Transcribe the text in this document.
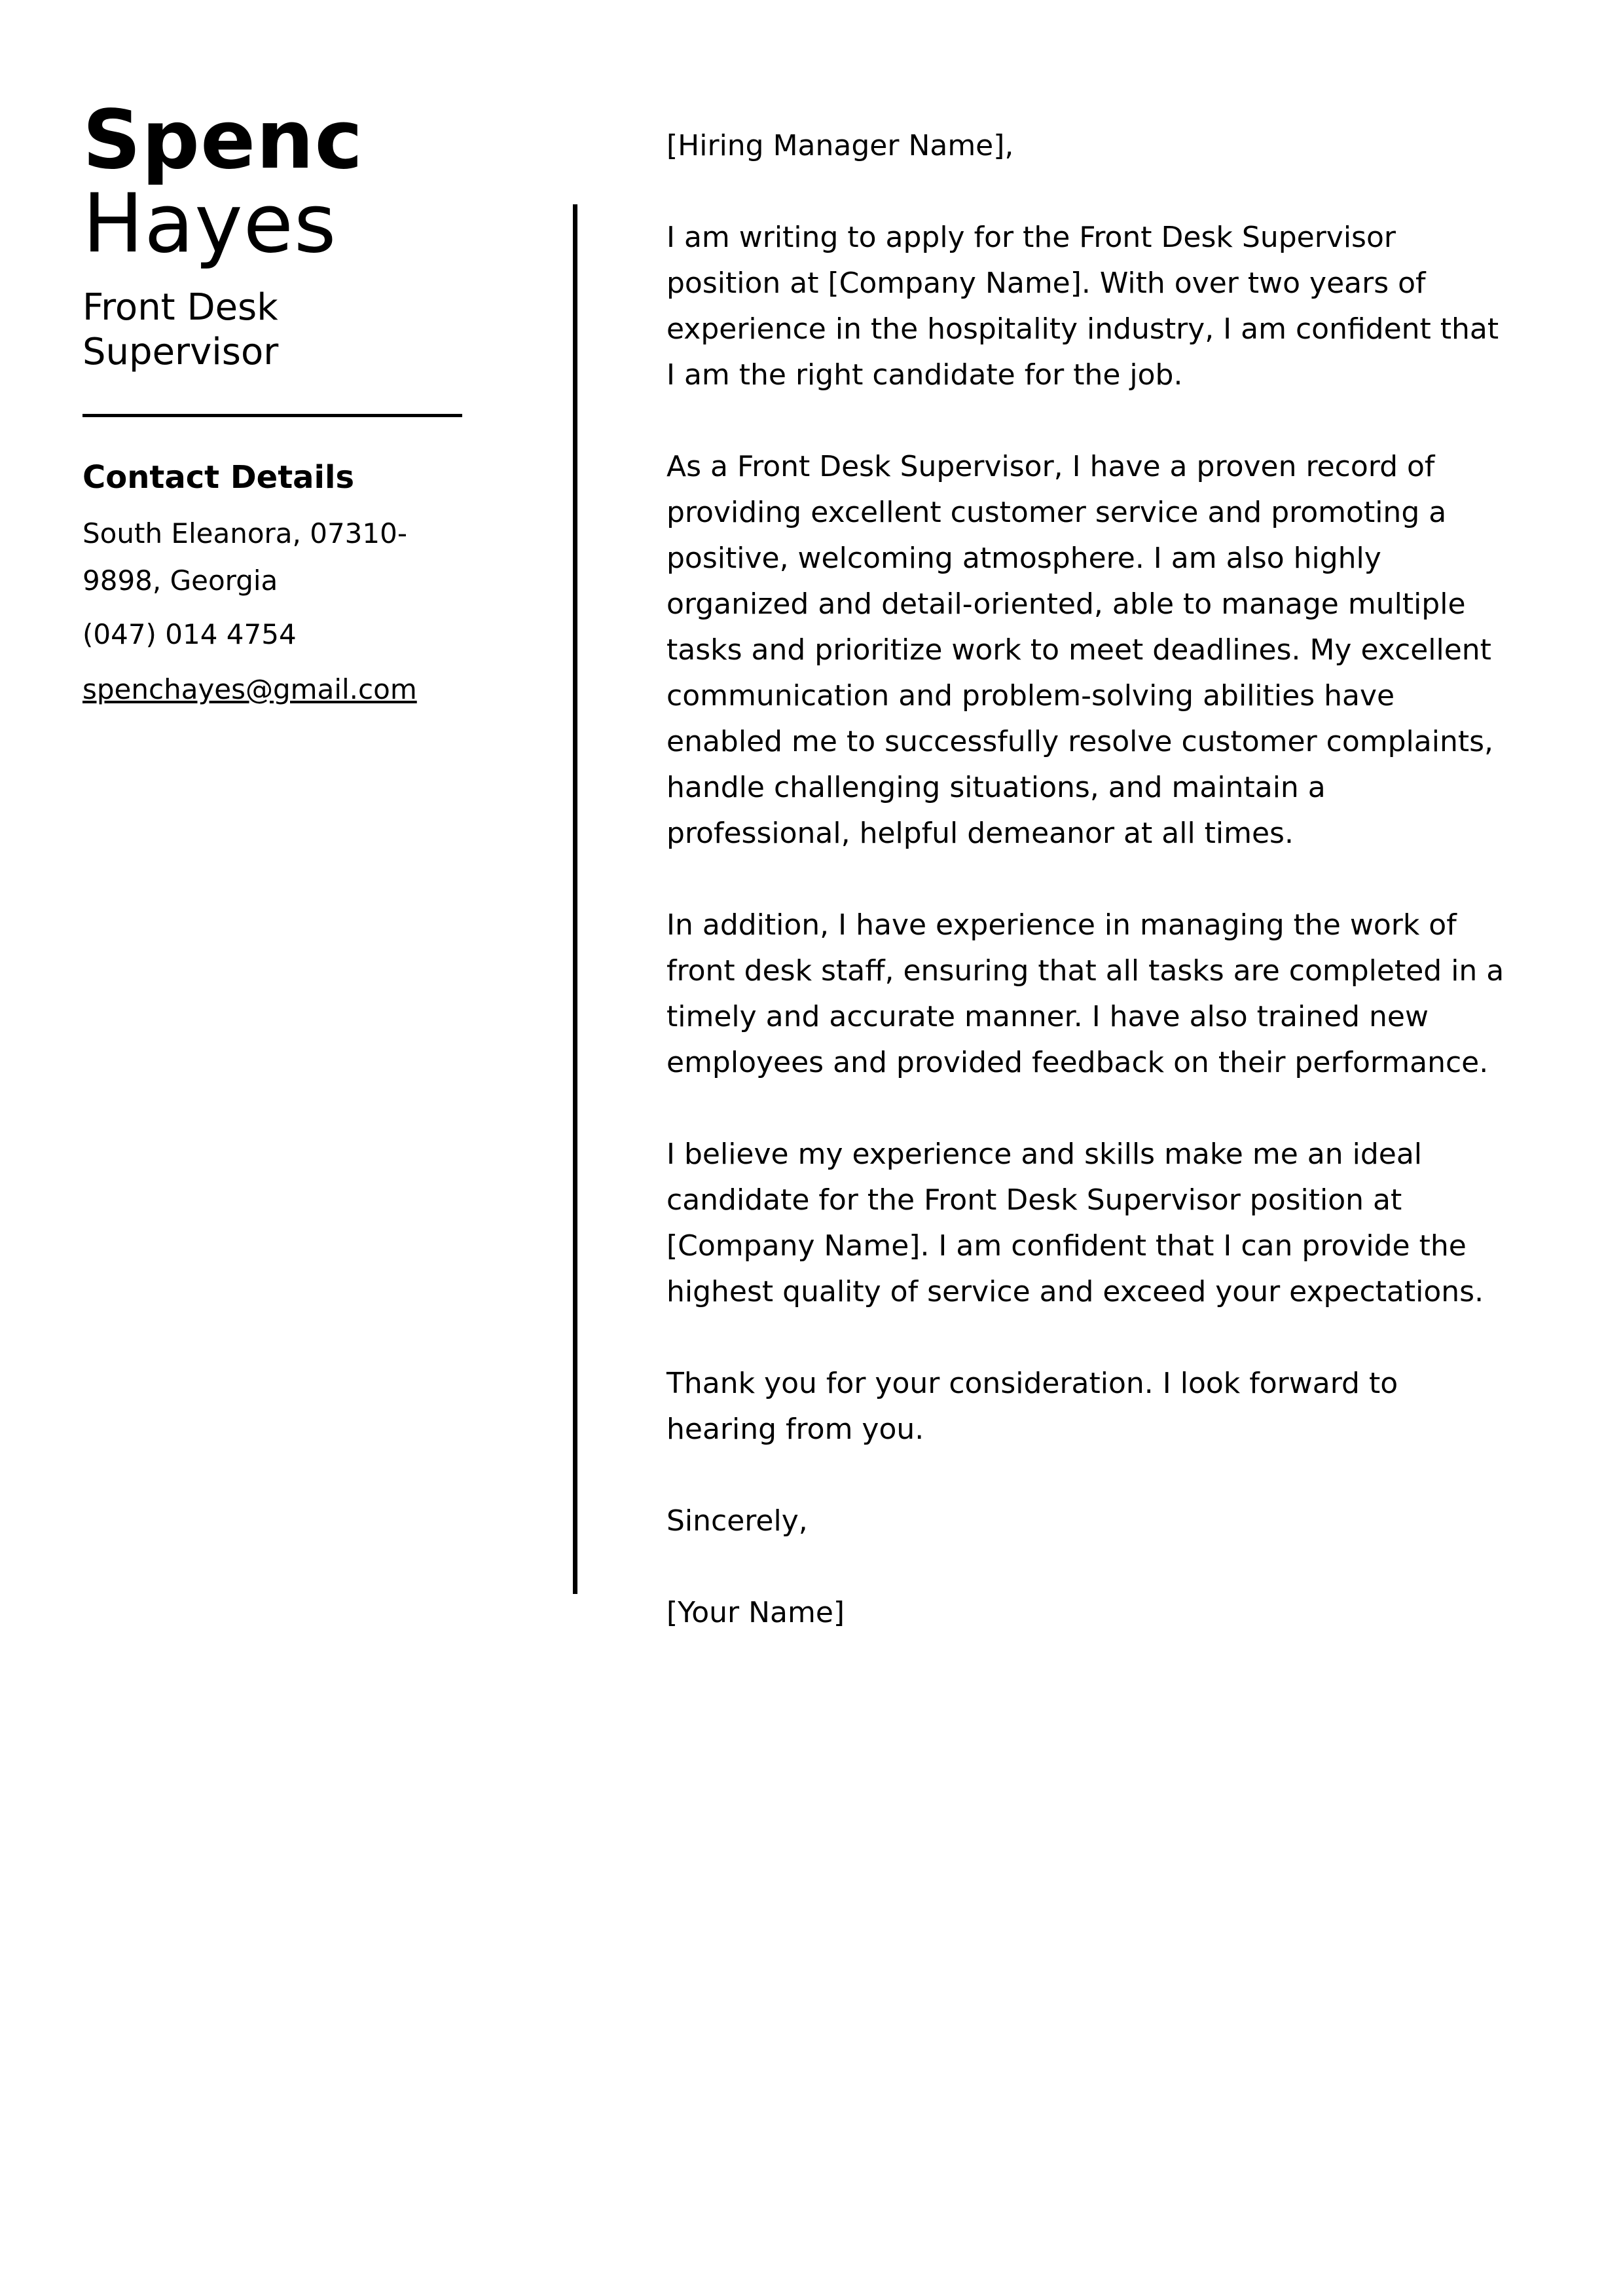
Spenc
Hayes
Front Desk Supervisor
Contact Details
South Eleanora, 07310-9898, Georgia
(047) 014 4754
spenchayes@gmail.com

[Hiring Manager Name],

I am writing to apply for the Front Desk Supervisor position at [Company Name]. With over two years of experience in the hospitality industry, I am confident that I am the right candidate for the job.

As a Front Desk Supervisor, I have a proven record of providing excellent customer service and promoting a positive, welcoming atmosphere. I am also highly organized and detail-oriented, able to manage multiple tasks and prioritize work to meet deadlines. My excellent communication and problem-solving abilities have enabled me to successfully resolve customer complaints, handle challenging situations, and maintain a professional, helpful demeanor at all times.

In addition, I have experience in managing the work of front desk staff, ensuring that all tasks are completed in a timely and accurate manner. I have also trained new employees and provided feedback on their performance.

I believe my experience and skills make me an ideal candidate for the Front Desk Supervisor position at [Company Name]. I am confident that I can provide the highest quality of service and exceed your expectations.

Thank you for your consideration. I look forward to hearing from you.

Sincerely,

[Your Name]
